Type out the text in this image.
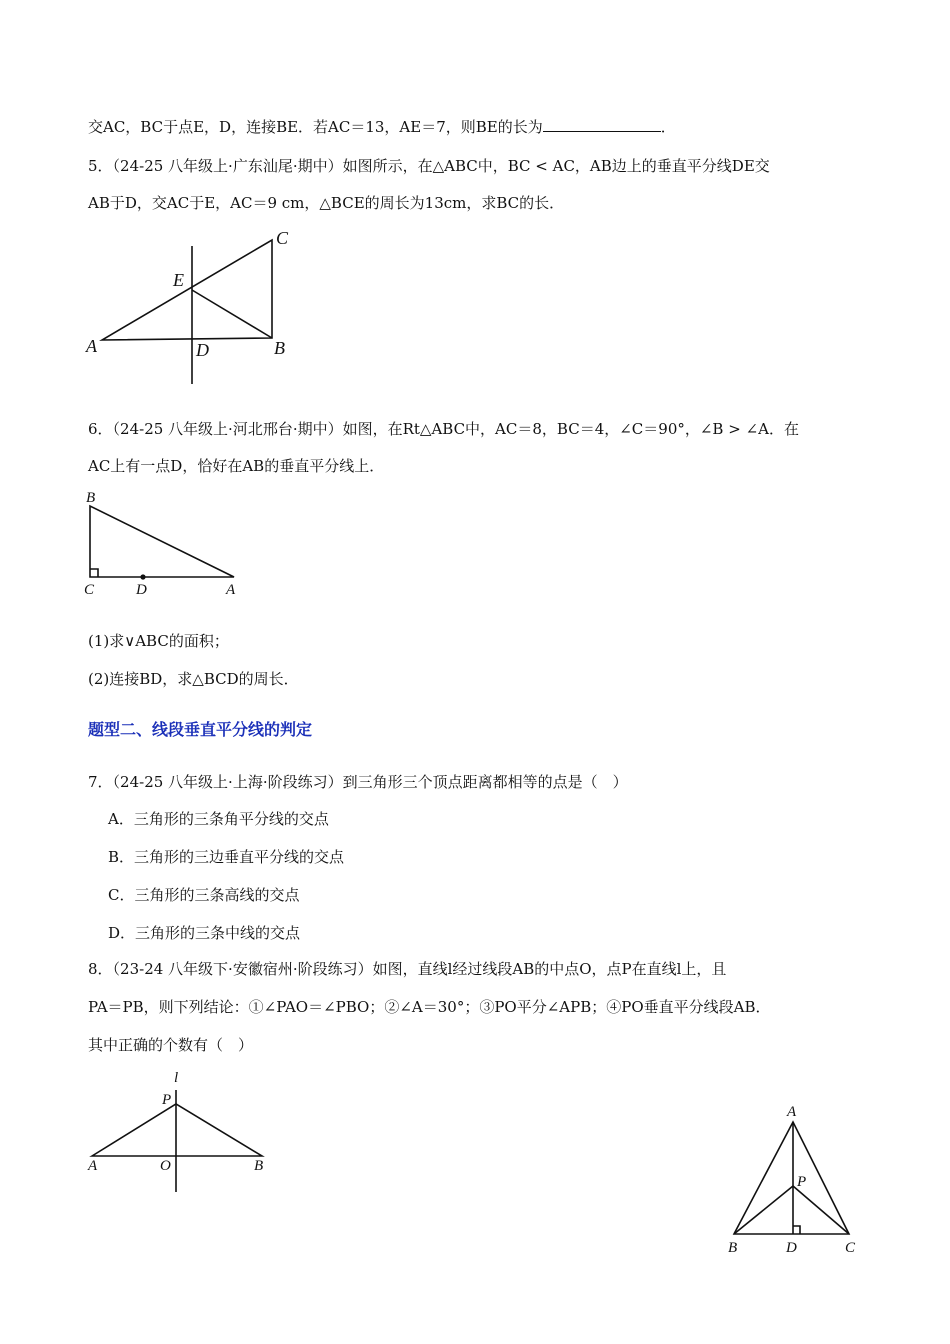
交AC，BC于点E，D，连接BE．若AC＝13，AE＝7，则BE的长为	．
5．（24-25 八年级上·广东汕尾·期中）如图所示，在△ABC中，BC < AC，AB边上的垂直平分线DE交
AB于D，交AC于E，AC＝9 cm，△BCE的周长为13cm，求BC的长．
A	B
C
D
E
6．（24-25 八年级上·河北邢台·期中）如图，在Rt△ABC中，AC＝8，BC＝4，∠C＝90°，∠B > ∠A．在
AC上有一点D，恰好在AB的垂直平分线上．
B
C	D	A
(1)求∨ABC的面积；
(2)连接BD，求△BCD的周长．
题型二、线段垂直平分线的判定
7．（24-25 八年级上·上海·阶段练习）到三角形三个顶点距离都相等的点是（　）
A．三角形的三条角平分线的交点
B．三角形的三边垂直平分线的交点
C．三角形的三条高线的交点
D．三角形的三条中线的交点
8．（23-24 八年级下·安徽宿州·阶段练习）如图，直线l经过线段AB的中点O，点P在直线l上，且
PA＝PB，则下列结论：①∠PAO＝∠PBO；②∠A＝30°；③PO平分∠APB；④PO垂直平分线段AB．
其中正确的个数有（　）
l
P
A	O	B
A
P
B	D	C
